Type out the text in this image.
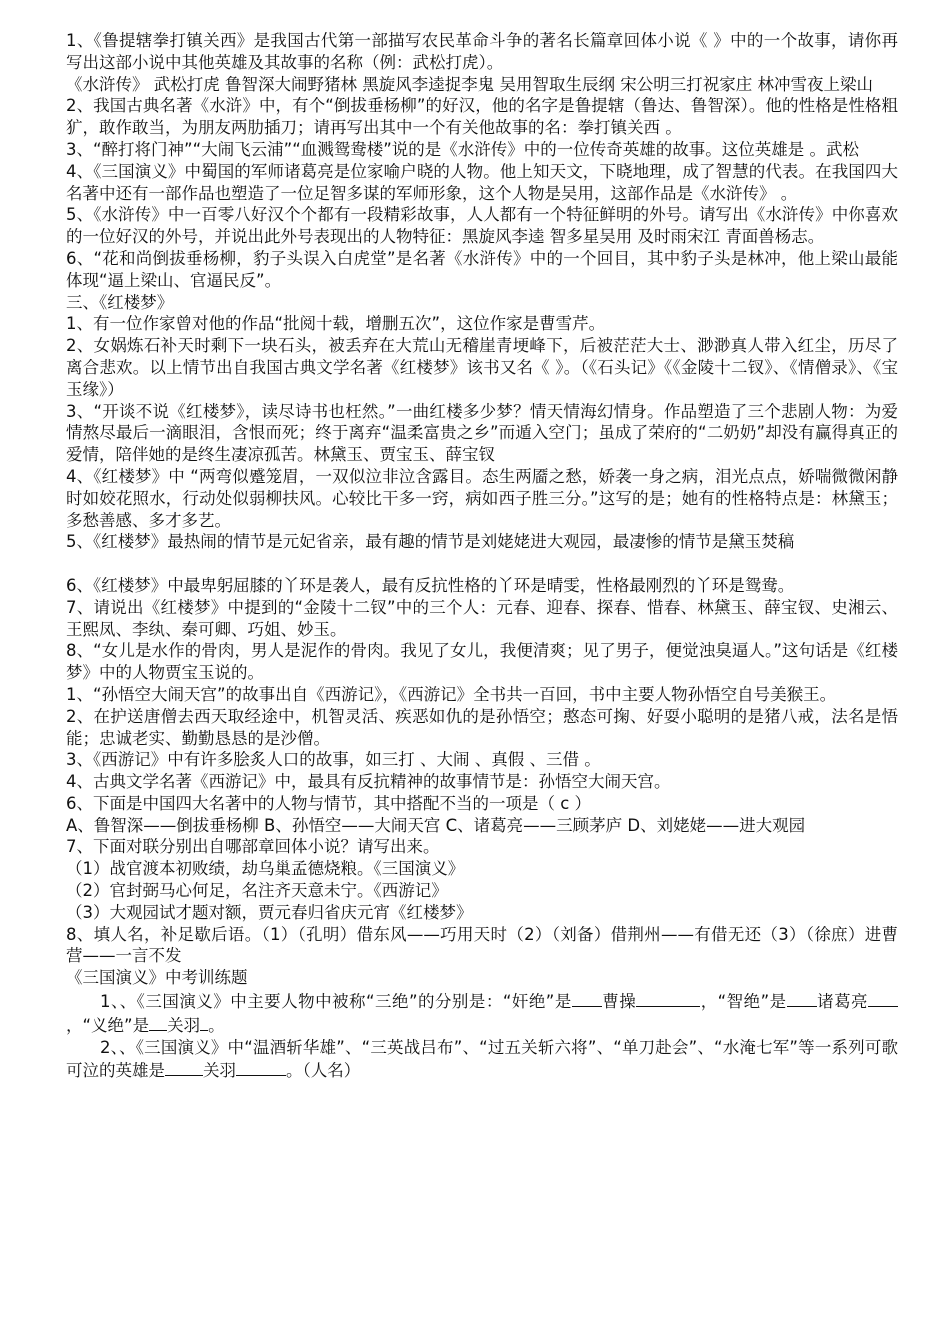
1、《鲁提辖拳打镇关西》是我国古代第一部描写农民革命斗争的著名长篇章回体小说《 》中的一个故事，请你再写出这部小说中其他英雄及其故事的名称（例：武松打虎）。

《水浒传》 武松打虎 鲁智深大闹野猪林 黑旋风李逵捉李鬼 吴用智取生辰纲 宋公明三打祝家庄 林冲雪夜上梁山

2、我国古典名著《水浒》中，有个“倒拔垂杨柳”的好汉，他的名字是鲁提辖（鲁达、鲁智深）。他的性格是性格粗犷，敢作敢当，为朋友两肋插刀；请再写出其中一个有关他故事的名：拳打镇关西 。

3、“醉打将门神”“大闹飞云浦”“血溅鸳鸯楼”说的是《水浒传》中的一位传奇英雄的故事。这位英雄是 。武松

4、《三国演义》中蜀国的军师诸葛亮是位家喻户晓的人物。他上知天文，下晓地理，成了智慧的代表。在我国四大名著中还有一部作品也塑造了一位足智多谋的军师形象，这个人物是吴用，这部作品是《水浒传》 。

5、《水浒传》中一百零八好汉个个都有一段精彩故事，人人都有一个特征鲜明的外号。请写出《水浒传》中你喜欢的一位好汉的外号，并说出此外号表现出的人物特征：黑旋风李逵 智多星吴用 及时雨宋江 青面兽杨志。

6、“花和尚倒拔垂杨柳，豹子头误入白虎堂”是名著《水浒传》中的一个回目，其中豹子头是林冲，他上梁山最能体现“逼上梁山、官逼民反”。

三、《红楼梦》

1、有一位作家曾对他的作品“批阅十载，增删五次”，这位作家是曹雪芹。

2、女娲炼石补天时剩下一块石头，被丢弃在大荒山无稽崖青埂峰下，后被茫茫大士、渺渺真人带入红尘，历尽了离合悲欢。以上情节出自我国古典文学名著《红楼梦》该书又名《 》。（《石头记》《《金陵十二钗》、《情僧录》、《宝玉缘》）

3、“开谈不说《红楼梦》，读尽诗书也枉然。”一曲红楼多少梦？情天情海幻情身。作品塑造了三个悲剧人物：为爱情熬尽最后一滴眼泪，含恨而死；终于离弃“温柔富贵之乡”而遁入空门；虽成了荣府的“二奶奶”却没有赢得真正的爱情，陪伴她的是终生凄凉孤苦。林黛玉、贾宝玉、薛宝钗

4、《红楼梦》中 “两弯似蹙笼眉，一双似泣非泣含露目。态生两靥之愁，娇袭一身之病，泪光点点，娇喘微微闲静时如姣花照水，行动处似弱柳扶风。心较比干多一窍，病如西子胜三分。”这写的是；她有的性格特点是：林黛玉；多愁善感、多才多艺。

5、《红楼梦》最热闹的情节是元妃省亲，最有趣的情节是刘姥姥进大观园，最凄惨的情节是黛玉焚稿

6、《红楼梦》中最卑躬屈膝的丫环是袭人，最有反抗性格的丫环是晴雯，性格最刚烈的丫环是鸳鸯。

7、请说出《红楼梦》中提到的“金陵十二钗”中的三个人：元春、迎春、探春、惜春、林黛玉、薛宝钗、史湘云、王熙凤、李纨、秦可卿、巧姐、妙玉。

8、“女儿是水作的骨肉，男人是泥作的骨肉。我见了女儿，我便清爽；见了男子，便觉浊臭逼人。”这句话是《红楼梦》中的人物贾宝玉说的。

1、“孙悟空大闹天宫”的故事出自《西游记》，《西游记》全书共一百回，书中主要人物孙悟空自号美猴王。

2、在护送唐僧去西天取经途中，机智灵活、疾恶如仇的是孙悟空；憨态可掬、好耍小聪明的是猪八戒，法名是悟能；忠诚老实、勤勤恳恳的是沙僧。

3、《西游记》中有许多脍炙人口的故事，如三打 、大闹 、真假 、三借 。

4、古典文学名著《西游记》中，最具有反抗精神的故事情节是：孙悟空大闹天宫。

6、下面是中国四大名著中的人物与情节，其中搭配不当的一项是（ c ）

A、鲁智深——倒拔垂杨柳 B、孙悟空——大闹天宫 C、诸葛亮——三顾茅庐 D、刘姥姥——进大观园

7、下面对联分别出自哪部章回体小说？请写出来。

（1）战官渡本初败绩，劫乌巢孟德烧粮。《三国演义》

（2）官封弼马心何足，名注齐天意未宁。《西游记》

（3）大观园试才题对额，贾元春归省庆元宵《红楼梦》

8、填人名，补足歇后语。（1）（孔明）借东风——巧用天时（2）（刘备）借荆州——有借无还（3）（徐庶）进曹营——一言不发

《三国演义》中考训练题

1、、《三国演义》中主要人物中被称“三绝”的分别是：“奸绝”是 曹操	，“智绝”是 诸葛亮，“义绝”是 关羽 。

2、、《三国演义》中“温酒斩华雄”、“三英战吕布”、“过五关斩六将”、“单刀赴会”、“水淹七军”等一系列可歌可泣的英雄是 关羽	。（人名）
